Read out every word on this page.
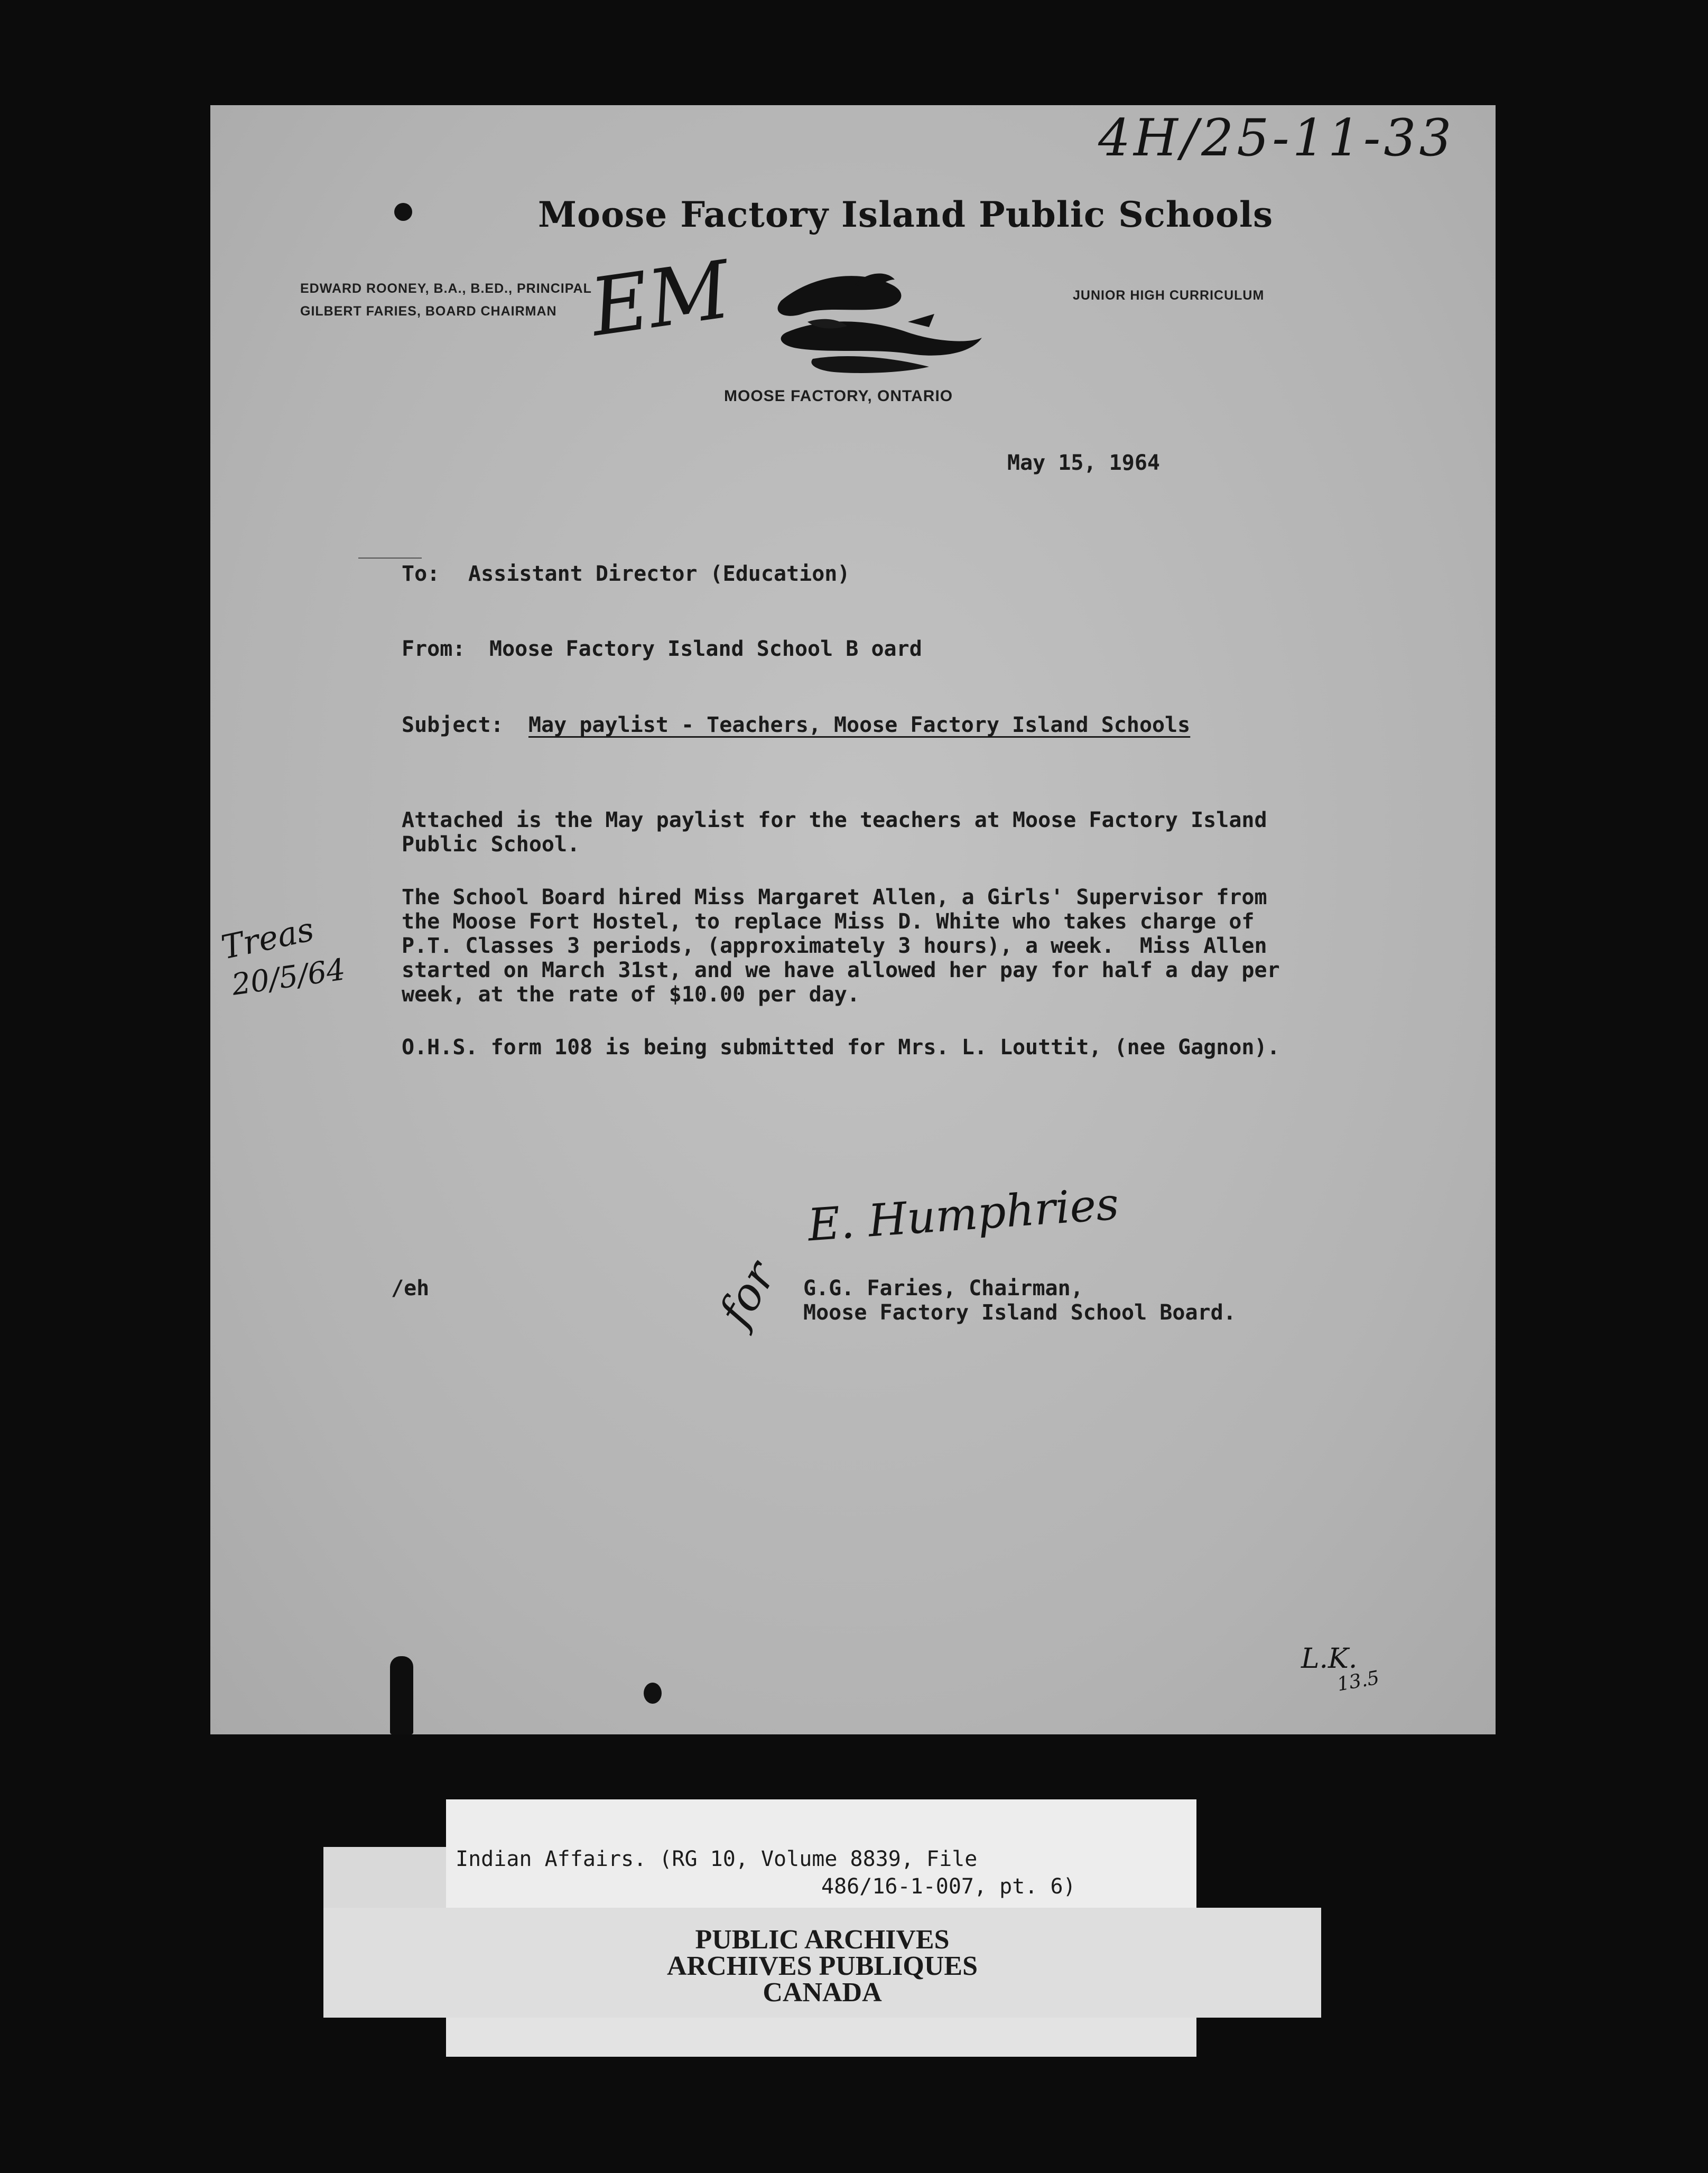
4H/25-11-33
Moose Factory Island Public Schools
EDWARD ROONEY, B.A., B.ED., PRINCIPAL
GILBERT FARIES, BOARD CHAIRMAN
JUNIOR HIGH CURRICULUM
EM
MOOSE FACTORY, ONTARIO
May 15, 1964
To: Assistant Director (Education)
From: Moose Factory Island School B oard
Subject: May paylist - Teachers, Moose Factory Island Schools
Attached is the May paylist for the teachers at Moose Factory Island
Public School.
The School Board hired Miss Margaret Allen, a Girls' Supervisor from
the Moose Fort Hostel, to replace Miss D. White who takes charge of
P.T. Classes 3 periods, (approximately 3 hours), a week.  Miss Allen
started on March 31st, and we have allowed her pay for half a day per
week, at the rate of $10.00 per day.
O.H.S. form 108 is being submitted for Mrs. L. Louttit, (nee Gagnon).
Treas
20/5/64
E. Humphries
for
/eh	G.G. Faries, Chairman,
Moose Factory Island School Board.
L.K.
13.5
Indian Affairs. (RG 10, Volume 8839, File
486/16-1-007, pt. 6)
PUBLIC ARCHIVES
ARCHIVES PUBLIQUES
CANADA
